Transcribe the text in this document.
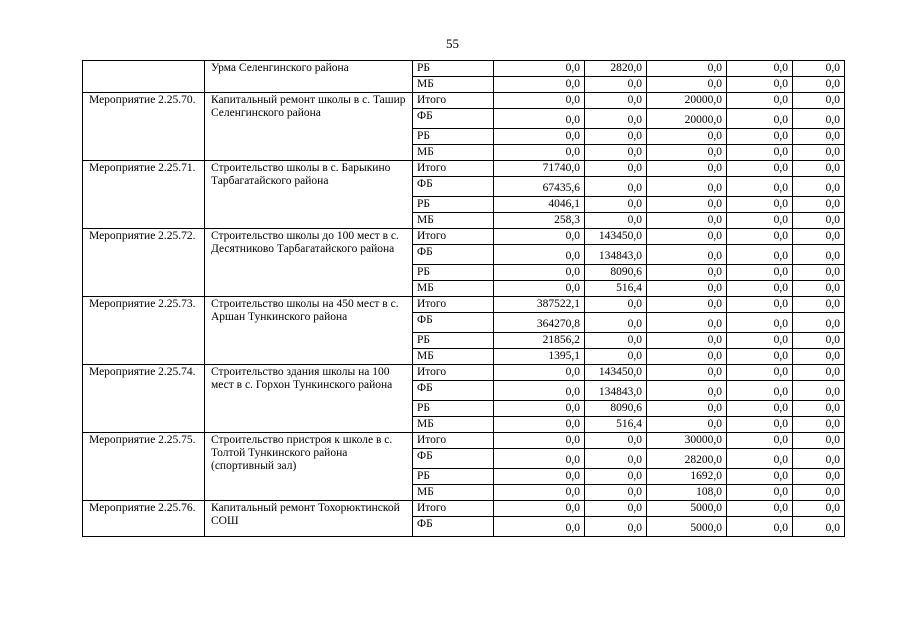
55
	Урма Селенгинского района	РБ	0,0	2820,0	0,0	0,0	0,0
		МБ	0,0	0,0	0,0	0,0	0,0
Мероприятие 2.25.70.	Капитальный ремонт школы в с. Ташир Селенгинского района	Итого	0,0	0,0	20000,0	0,0	0,0
		ФБ	0,0	0,0	20000,0	0,0	0,0
		РБ	0,0	0,0	0,0	0,0	0,0
		МБ	0,0	0,0	0,0	0,0	0,0
Мероприятие 2.25.71.	Строительство школы в с. Барыкино Тарбагатайского района	Итого	71740,0	0,0	0,0	0,0	0,0
		ФБ	67435,6	0,0	0,0	0,0	0,0
		РБ	4046,1	0,0	0,0	0,0	0,0
		МБ	258,3	0,0	0,0	0,0	0,0
Мероприятие 2.25.72.	Строительство школы до 100 мест в с. Десятниково Тарбагатайского района	Итого	0,0	143450,0	0,0	0,0	0,0
		ФБ	0,0	134843,0	0,0	0,0	0,0
		РБ	0,0	8090,6	0,0	0,0	0,0
		МБ	0,0	516,4	0,0	0,0	0,0
Мероприятие 2.25.73.	Строительство школы на 450 мест в с. Аршан Тункинского района	Итого	387522,1	0,0	0,0	0,0	0,0
		ФБ	364270,8	0,0	0,0	0,0	0,0
		РБ	21856,2	0,0	0,0	0,0	0,0
		МБ	1395,1	0,0	0,0	0,0	0,0
Мероприятие 2.25.74.	Строительство здания школы на 100 мест в с. Горхон Тункинского района	Итого	0,0	143450,0	0,0	0,0	0,0
		ФБ	0,0	134843,0	0,0	0,0	0,0
		РБ	0,0	8090,6	0,0	0,0	0,0
		МБ	0,0	516,4	0,0	0,0	0,0
Мероприятие 2.25.75.	Строительство пристроя к школе в с. Толтой Тункинского района (спортивный зал)	Итого	0,0	0,0	30000,0	0,0	0,0
		ФБ	0,0	0,0	28200,0	0,0	0,0
		РБ	0,0	0,0	1692,0	0,0	0,0
		МБ	0,0	0,0	108,0	0,0	0,0
Мероприятие 2.25.76.	Капитальный ремонт Тохорюктинской СОШ	Итого	0,0	0,0	5000,0	0,0	0,0
		ФБ	0,0	0,0	5000,0	0,0	0,0
